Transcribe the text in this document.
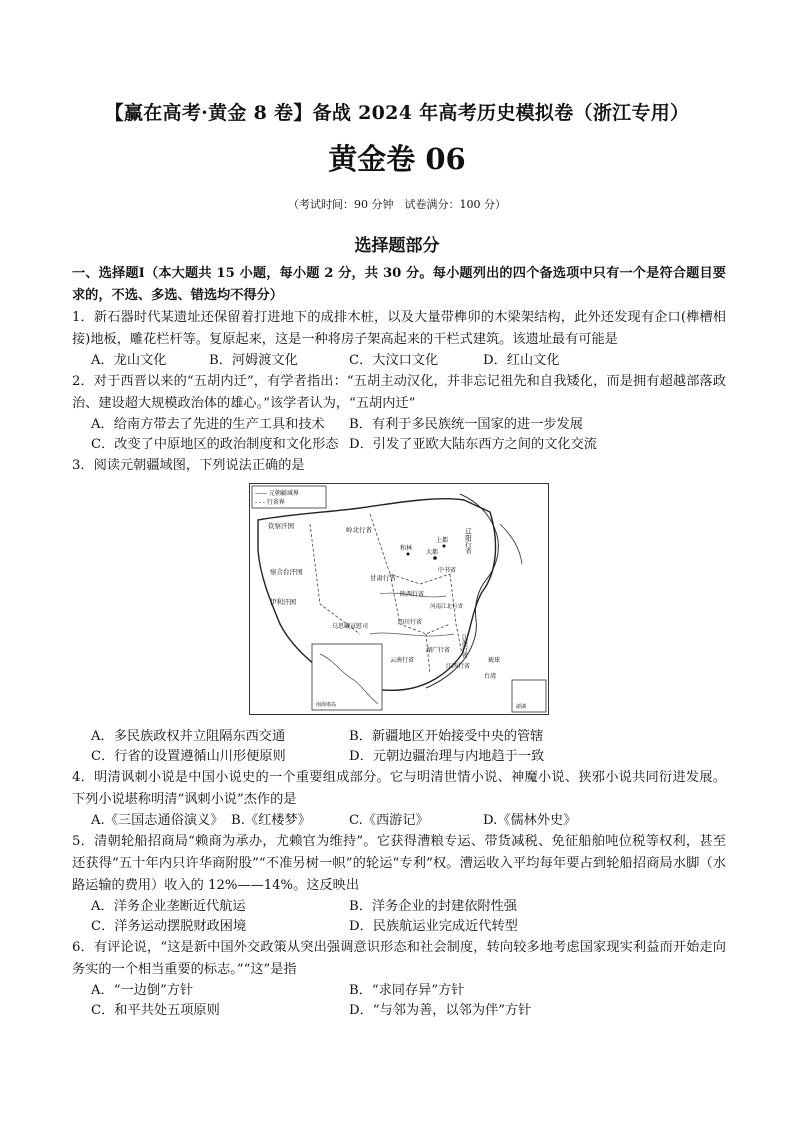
【赢在高考·黄金 8 卷】备战 2024 年高考历史模拟卷（浙江专用）
黄金卷 06
（考试时间：90 分钟　试卷满分：100 分）
选择题部分

一、选择题Ⅰ（本大题共 15 小题，每小题 2 分，共 30 分。每小题列出的四个备选项中只有一个是符合题目要求的，不选、多选、错选均不得分）

1．新石器时代某遗址还保留着打进地下的成排木桩，以及大量带榫卯的木梁架结构，此外还发现有企口(榫槽相接)地板，雕花栏杆等。复原起来，这是一种将房子架高起来的干栏式建筑。该遗址最有可能是

A．龙山文化	B．河姆渡文化	C．大汶口文化	D．红山文化

2．对于西晋以来的“五胡内迁”，有学者指出：“五胡主动汉化，并非忘记祖先和自我矮化，而是拥有超越部落政治、建设超大规模政治体的雄心。”该学者认为，“五胡内迁”

A．给南方带去了先进的生产工具和技术	B．有利于多民族统一国家的进一步发展
C．改变了中原地区的政治制度和文化形态 D．引发了亚欧大陆东西方之间的文化交流

3．阅读元朝疆域图，下列说法正确的是

—— 元朝疆域界
- - - 行省界
南海诸岛	澎湖
钦察汗国	岭北行省	辽阳行省
察合台汗国
伊利汗国
甘肃行省
中书省
大都
上都
和林
陕西行省
河南江北行省
四川行省
乌思藏宣慰司
云南行省
湖广行省 江浙行省
江西行省
琉球
台湾
A．多民族政权并立阻隔东西交通	B．新疆地区开始接受中央的管辖
C．行省的设置遵循山川形便原则	D．元朝边疆治理与内地趋于一致

4．明清讽刺小说是中国小说史的一个重要组成部分。它与明清世情小说、神魔小说、狭邪小说共同衍进发展。下列小说堪称明清“讽刺小说”杰作的是

A.《三国志通俗演义》 B.《红楼梦》	C.《西游记》	D.《儒林外史》

5．清朝轮船招商局“赖商为承办，尤赖官为维持”。它获得漕粮专运、带货减税、免征船舶吨位税等权利，甚至还获得“五十年内只许华商附股”“不准另树一帜”的轮运“专利”权。漕运收入平均每年要占到轮船招商局水脚（水路运输的费用）收入的 12%——14%。这反映出

A．洋务企业垄断近代航运	B．洋务企业的封建依附性强
C．洋务运动摆脱财政困境	D．民族航运业完成近代转型

6．有评论说，“这是新中国外交政策从突出强调意识形态和社会制度，转向较多地考虑国家现实利益而开始走向务实的一个相当重要的标志。”“这”是指

A．“一边倒”方针	B．“求同存异”方针
C．和平共处五项原则	D．“与邻为善，以邻为伴”方针
